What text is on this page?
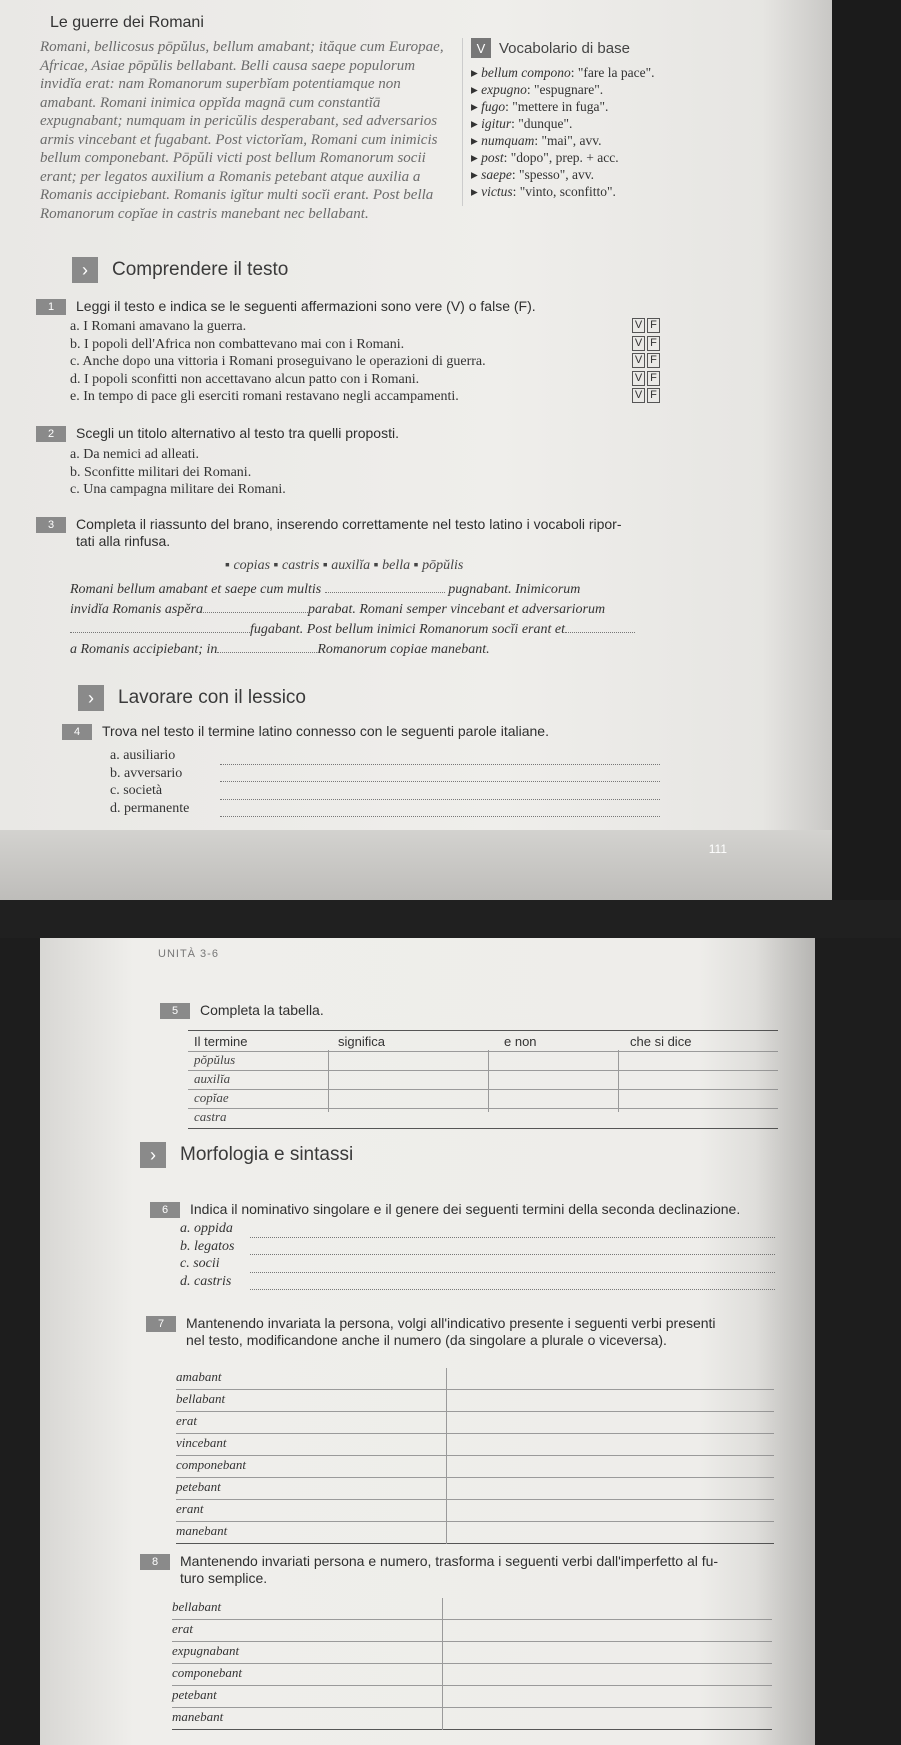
Le guerre dei Romani
Romani, bellicosus pōpŭlus, bellum amabant; ităque cum Europae,
Africae, Asiae pōpŭlis bellabant. Belli causa saepe populorum
invidĭa erat: nam Romanorum superbĭam potentiamque non
amabant. Romani inimica oppĭda magnā cum constantĭā
expugnabant; numquam in pericŭlis desperabant, sed adversarios
armis vincebant et fugabant. Post victorĭam, Romani cum inimicis
bellum componebant. Pōpŭli victi post bellum Romanorum socii
erant; per legatos auxilium a Romanis petebant atque auxilia a
Romanis accipiebant. Romanis igĭtur multi socĭi erant. Post bella
Romanorum copĭae in castris manebant nec bellabant.
V Vocabolario di base
▸ bellum compono: "fare la pace".
▸ expugno: "espugnare".
▸ fugo: "mettere in fuga".
▸ igitur: "dunque".
▸ numquam: "mai", avv.
▸ post: "dopo", prep. + acc.
▸ saepe: "spesso", avv.
▸ victus: "vinto, sconfitto".
›	Comprendere il testo
1 Leggi il testo e indica se le seguenti affermazioni sono vere (V) o false (F).
a. I Romani amavano la guerra.	V F
b. I popoli dell'Africa non combattevano mai con i Romani.	V F
c. Anche dopo una vittoria i Romani proseguivano le operazioni di guerra.	V F
d. I popoli sconfitti non accettavano alcun patto con i Romani.	V F
e. In tempo di pace gli eserciti romani restavano negli accampamenti.	V F
2 Scegli un titolo alternativo al testo tra quelli proposti.
a. Da nemici ad alleati.
b. Sconfitte militari dei Romani.
c. Una campagna militare dei Romani.
3 Completa il riassunto del brano, inserendo correttamente nel testo latino i vocaboli ripor-
tati alla rinfusa.
▪ copias ▪ castris ▪ auxilĭa ▪ bella ▪ pōpŭlis
Romani bellum amabant et saepe cum multis	pugnabant. Inimicorum
invidĭa Romanis aspĕra	parabat. Romani semper vincebant et adversariorum
fugabant. Post bellum inimici Romanorum socĭi erant et
a Romanis accipiebant; in	Romanorum copiae manebant.
›	Lavorare con il lessico
4 Trova nel testo il termine latino connesso con le seguenti parole italiane.
a. ausiliario
b. avversario
c. società
d. permanente
111
UNITÀ 3-6
5 Completa la tabella.
Il termine	significa	e non	che si dice
pŏpŭlus
auxilĭa
copĭae
castra
›	Morfologia e sintassi
6 Indica il nominativo singolare e il genere dei seguenti termini della seconda declinazione.
a. oppida
b. legatos
c. socii
d. castris
7 Mantenendo invariata la persona, volgi all'indicativo presente i seguenti verbi presenti
nel testo, modificandone anche il numero (da singolare a plurale o viceversa).
amabant
bellabant
erat
vincebant
componebant
petebant
erant
manebant
8 Mantenendo invariati persona e numero, trasforma i seguenti verbi dall'imperfetto al fu-
turo semplice.
bellabant
erat
expugnabant
componebant
petebant
manebant
